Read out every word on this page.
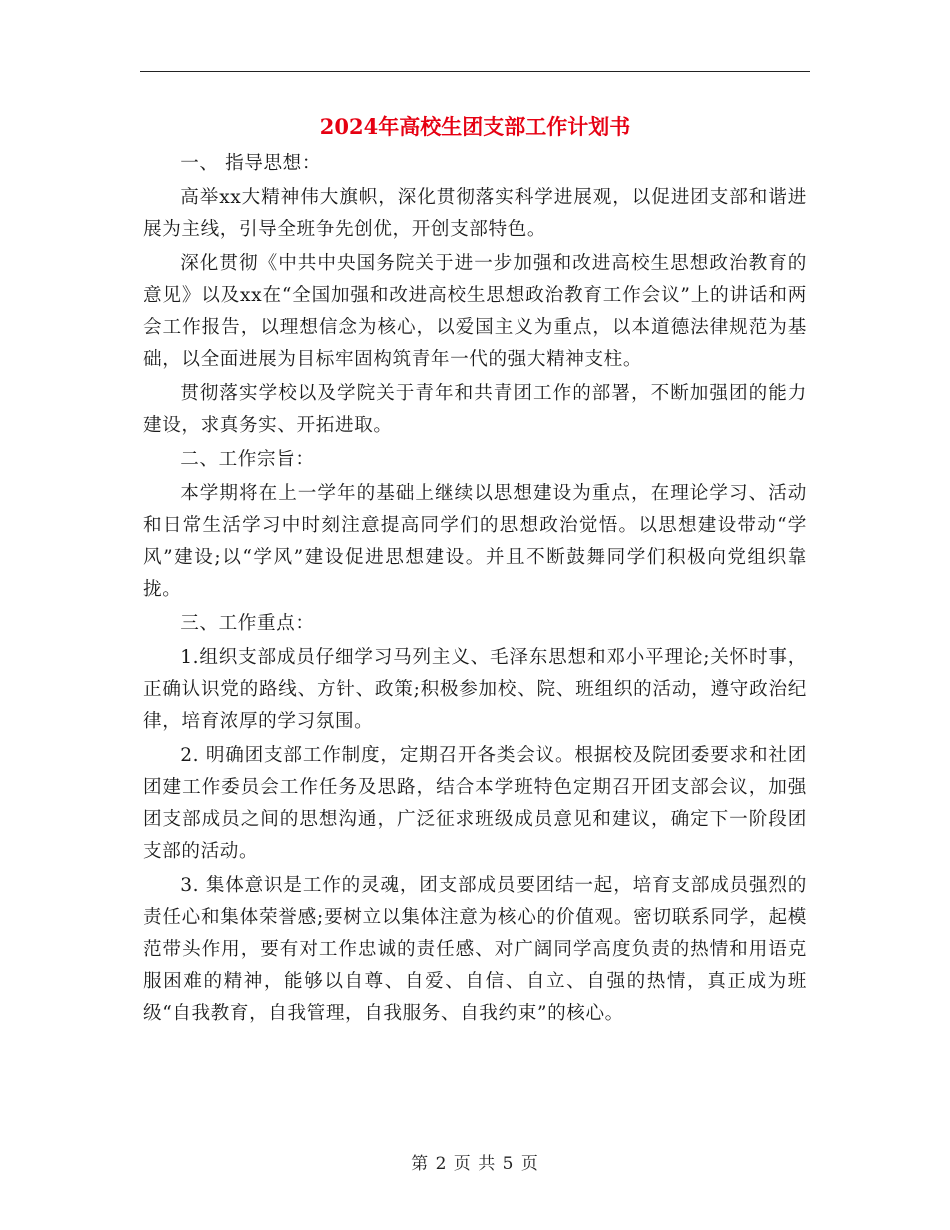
2024年高校生团支部工作计划书

一、 指导思想：

高举xx大精神伟大旗帜，深化贯彻落实科学进展观，以促进团支部和谐进展为主线，引导全班争先创优，开创支部特色。

深化贯彻《中共中央国务院关于进一步加强和改进高校生思想政治教育的意见》以及xx在“全国加强和改进高校生思想政治教育工作会议”上的讲话和两会工作报告，以理想信念为核心，以爱国主义为重点，以本道德法律规范为基础，以全面进展为目标牢固构筑青年一代的强大精神支柱。

贯彻落实学校以及学院关于青年和共青团工作的部署，不断加强团的能力建设，求真务实、开拓进取。

二、工作宗旨：

本学期将在上一学年的基础上继续以思想建设为重点，在理论学习、活动和日常生活学习中时刻注意提高同学们的思想政治觉悟。以思想建设带动“学风”建设;以“学风”建设促进思想建设。并且不断鼓舞同学们积极向党组织靠拢。

三、工作重点：

1.组织支部成员仔细学习马列主义、毛泽东思想和邓小平理论;关怀时事，正确认识党的路线、方针、政策;积极参加校、院、班组织的活动，遵守政治纪律，培育浓厚的学习氛围。

2. 明确团支部工作制度，定期召开各类会议。根据校及院团委要求和社团团建工作委员会工作任务及思路，结合本学班特色定期召开团支部会议，加强团支部成员之间的思想沟通，广泛征求班级成员意见和建议，确定下一阶段团支部的活动。

3. 集体意识是工作的灵魂，团支部成员要团结一起，培育支部成员强烈的责任心和集体荣誉感;要树立以集体注意为核心的价值观。密切联系同学，起模范带头作用，要有对工作忠诚的责任感、对广阔同学高度负责的热情和用语克服困难的精神，能够以自尊、自爱、自信、自立、自强的热情，真正成为班级“自我教育，自我管理，自我服务、自我约束”的核心。

第 2 页 共 5 页
